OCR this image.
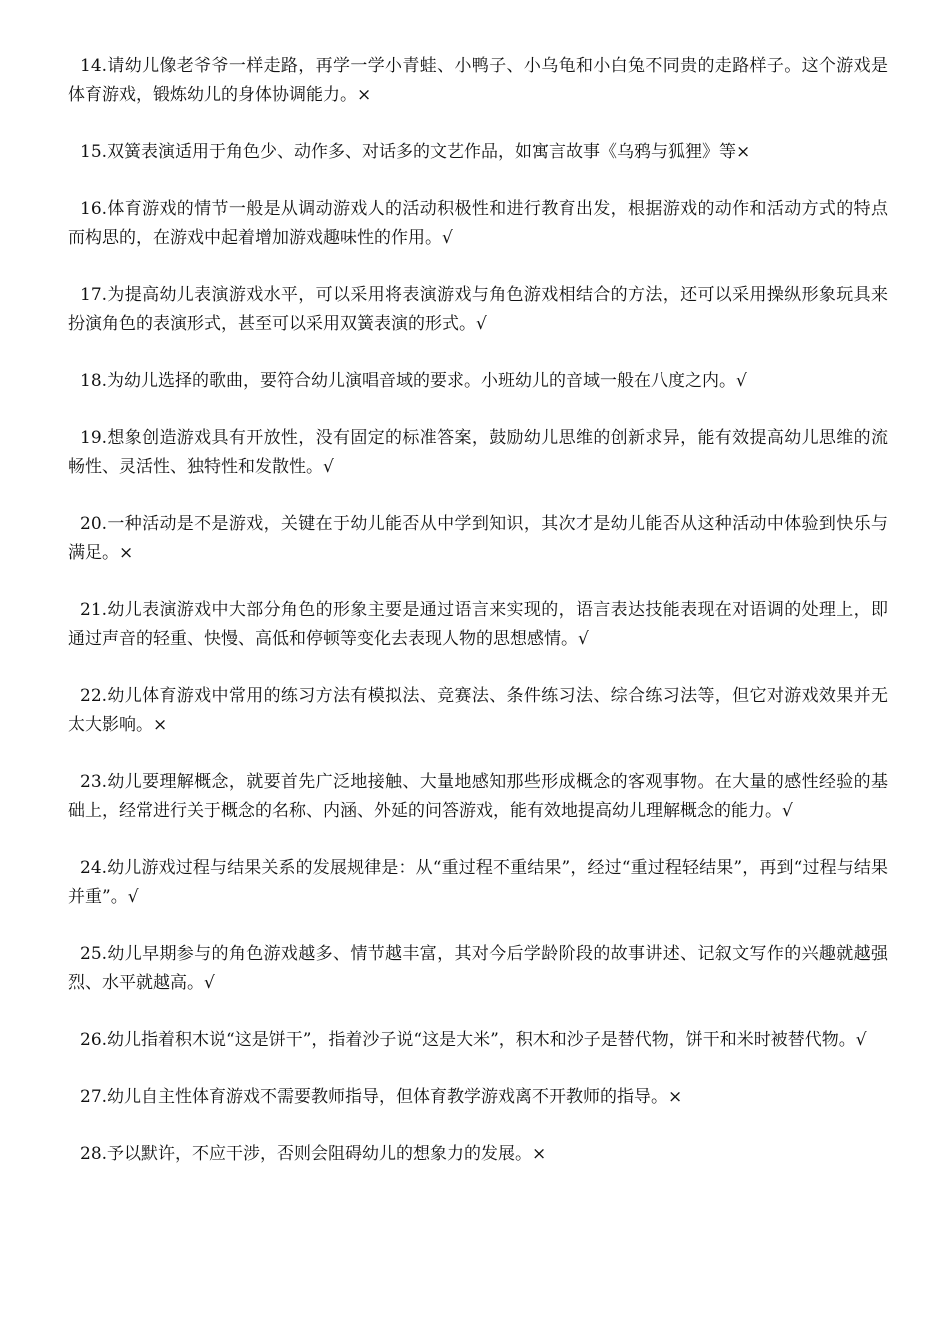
14.请幼儿像老爷爷一样走路，再学一学小青蛙、小鸭子、小乌龟和小白兔不同贵的走路样子。这个游戏是体育游戏，锻炼幼儿的身体协调能力。×

15.双簧表演适用于角色少、动作多、对话多的文艺作品，如寓言故事《乌鸦与狐狸》等×

16.体育游戏的情节一般是从调动游戏人的活动积极性和进行教育出发，根据游戏的动作和活动方式的特点而构思的，在游戏中起着增加游戏趣味性的作用。√

17.为提高幼儿表演游戏水平，可以采用将表演游戏与角色游戏相结合的方法，还可以采用操纵形象玩具来扮演角色的表演形式，甚至可以采用双簧表演的形式。√

18.为幼儿选择的歌曲，要符合幼儿演唱音域的要求。小班幼儿的音域一般在八度之内。√

19.想象创造游戏具有开放性，没有固定的标准答案，鼓励幼儿思维的创新求异，能有效提高幼儿思维的流畅性、灵活性、独特性和发散性。√

20.一种活动是不是游戏，关键在于幼儿能否从中学到知识，其次才是幼儿能否从这种活动中体验到快乐与满足。×

21.幼儿表演游戏中大部分角色的形象主要是通过语言来实现的，语言表达技能表现在对语调的处理上，即通过声音的轻重、快慢、高低和停顿等变化去表现人物的思想感情。√

22.幼儿体育游戏中常用的练习方法有模拟法、竞赛法、条件练习法、综合练习法等，但它对游戏效果并无太大影响。×

23.幼儿要理解概念，就要首先广泛地接触、大量地感知那些形成概念的客观事物。在大量的感性经验的基础上，经常进行关于概念的名称、内涵、外延的问答游戏，能有效地提高幼儿理解概念的能力。√

24.幼儿游戏过程与结果关系的发展规律是：从“重过程不重结果”，经过“重过程轻结果”，再到“过程与结果并重”。√

25.幼儿早期参与的角色游戏越多、情节越丰富，其对今后学龄阶段的故事讲述、记叙文写作的兴趣就越强烈、水平就越高。√

26.幼儿指着积木说“这是饼干”，指着沙子说“这是大米”，积木和沙子是替代物，饼干和米时被替代物。√

27.幼儿自主性体育游戏不需要教师指导，但体育教学游戏离不开教师的指导。×

28.予以默许，不应干涉，否则会阻碍幼儿的想象力的发展。×
